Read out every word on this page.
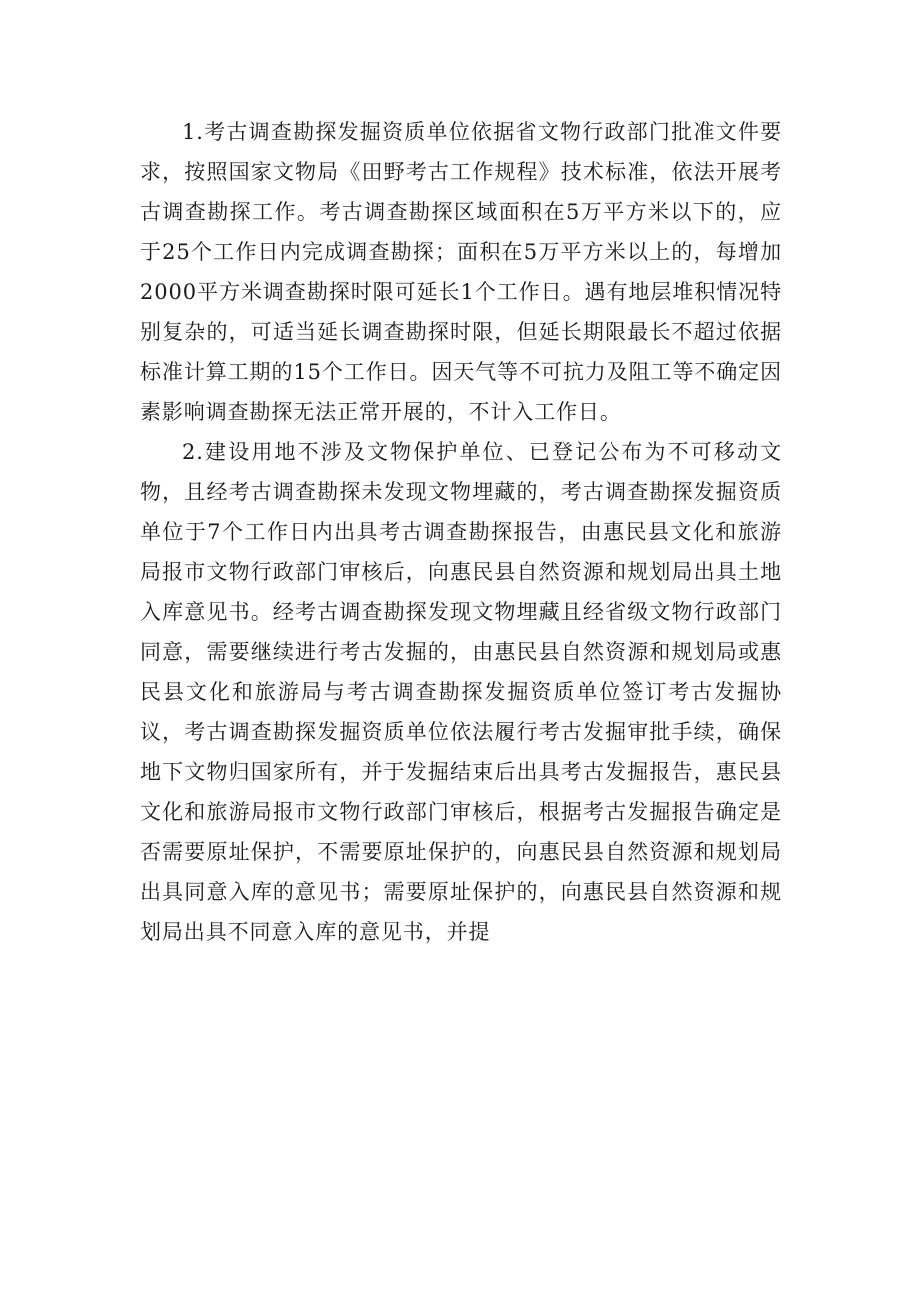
1.考古调查勘探发掘资质单位依据省文物行政部门批准文件要求，按照国家文物局《田野考古工作规程》技术标准，依法开展考古调查勘探工作。考古调查勘探区域面积在5万平方米以下的，应于25个工作日内完成调查勘探；面积在5万平方米以上的，每增加2000平方米调查勘探时限可延长1个工作日。遇有地层堆积情况特别复杂的，可适当延长调查勘探时限，但延长期限最长不超过依据标准计算工期的15个工作日。因天气等不可抗力及阻工等不确定因素影响调查勘探无法正常开展的，不计入工作日。

2.建设用地不涉及文物保护单位、已登记公布为不可移动文物，且经考古调查勘探未发现文物埋藏的，考古调查勘探发掘资质单位于7个工作日内出具考古调查勘探报告，由惠民县文化和旅游局报市文物行政部门审核后，向惠民县自然资源和规划局出具土地入库意见书。经考古调查勘探发现文物埋藏且经省级文物行政部门同意，需要继续进行考古发掘的，由惠民县自然资源和规划局或惠民县文化和旅游局与考古调查勘探发掘资质单位签订考古发掘协议，考古调查勘探发掘资质单位依法履行考古发掘审批手续，确保地下文物归国家所有，并于发掘结束后出具考古发掘报告，惠民县文化和旅游局报市文物行政部门审核后，根据考古发掘报告确定是否需要原址保护，不需要原址保护的，向惠民县自然资源和规划局出具同意入库的意见书；需要原址保护的，向惠民县自然资源和规划局出具不同意入库的意见书，并提
